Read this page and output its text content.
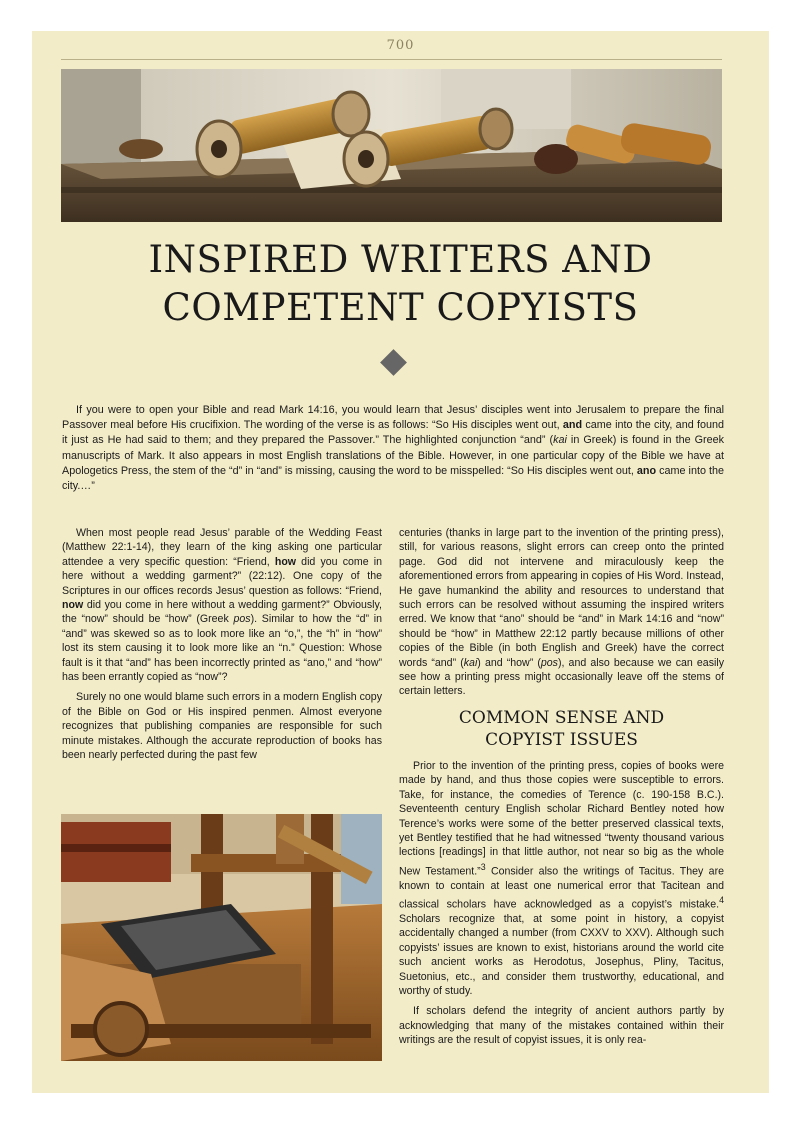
700
INSPIRED WRITERS AND
COMPETENT COPYISTS

If you were to open your Bible and read Mark 14:16, you would learn that Jesus’ disciples went into Jerusalem to prepare the final Passover meal before His crucifixion. The wording of the verse is as follows: “So His disciples went out, and came into the city, and found it just as He had said to them; and they prepared the Passover.” The highlighted conjunction “and” (kai in Greek) is found in the Greek manuscripts of Mark. It also appears in most English translations of the Bible. However, in one particular copy of the Bible we have at Apologetics Press, the stem of the “d” in “and” is missing, causing the word to be misspelled: “So His disciples went out, ano came into the city.…”

When most people read Jesus’ parable of the Wedding Feast (Matthew 22:1-14), they learn of the king asking one particular attendee a very specific question: “Friend, how did you come in here without a wedding garment?” (22:12). One copy of the Scriptures in our offices records Jesus’ question as follows: “Friend, now did you come in here without a wedding garment?” Obviously, the “now” should be “how” (Greek pos). Similar to how the “d” in “and” was skewed so as to look more like an “o,”, the “h” in “how” lost its stem causing it to look more like an “n.” Question: Whose fault is it that “and” has been incorrectly printed as “ano,” and “how” has been errantly copied as “now”?

Surely no one would blame such errors in a modern English copy of the Bible on God or His inspired penmen. Almost everyone recognizes that publishing companies are responsible for such minute mistakes. Although the accurate reproduction of books has been nearly perfected during the past few

centuries (thanks in large part to the invention of the printing press), still, for various reasons, slight errors can creep onto the printed page. God did not intervene and miraculously keep the aforementioned errors from appearing in copies of His Word. Instead, He gave humankind the ability and resources to understand that such errors can be resolved without assuming the inspired writers erred. We know that “ano” should be “and” in Mark 14:16 and “now” should be “how” in Matthew 22:12 partly because millions of other copies of the Bible (in both English and Greek) have the correct words “and” (kai) and “how” (pos), and also because we can easily see how a printing press might occasionally leave off the stems of certain letters.

COMMON SENSE AND
COPYIST ISSUES

Prior to the invention of the printing press, copies of books were made by hand, and thus those copies were susceptible to errors. Take, for instance, the comedies of Terence (c. 190-158 B.C.). Seventeenth century English scholar Richard Bentley noted how Terence’s works were some of the better preserved classical texts, yet Bentley testified that he had witnessed “twenty thousand various lections [readings] in that little author, not near so big as the whole New Testament.”$^3$ Consider also the writings of Tacitus. They are known to contain at least one numerical error that Tacitean and classical scholars have acknowledged as a copyist’s mistake.$^4$ Scholars recognize that, at some point in history, a copyist accidentally changed a number (from CXXV to XXV). Although such copyists’ issues are known to exist, historians around the world cite such ancient works as Herodotus, Josephus, Pliny, Tacitus, Suetonius, etc., and consider them trustworthy, educational, and worthy of study.

If scholars defend the integrity of ancient authors partly by acknowledging that many of the mistakes contained within their writings are the result of copyist issues, it is only rea-
